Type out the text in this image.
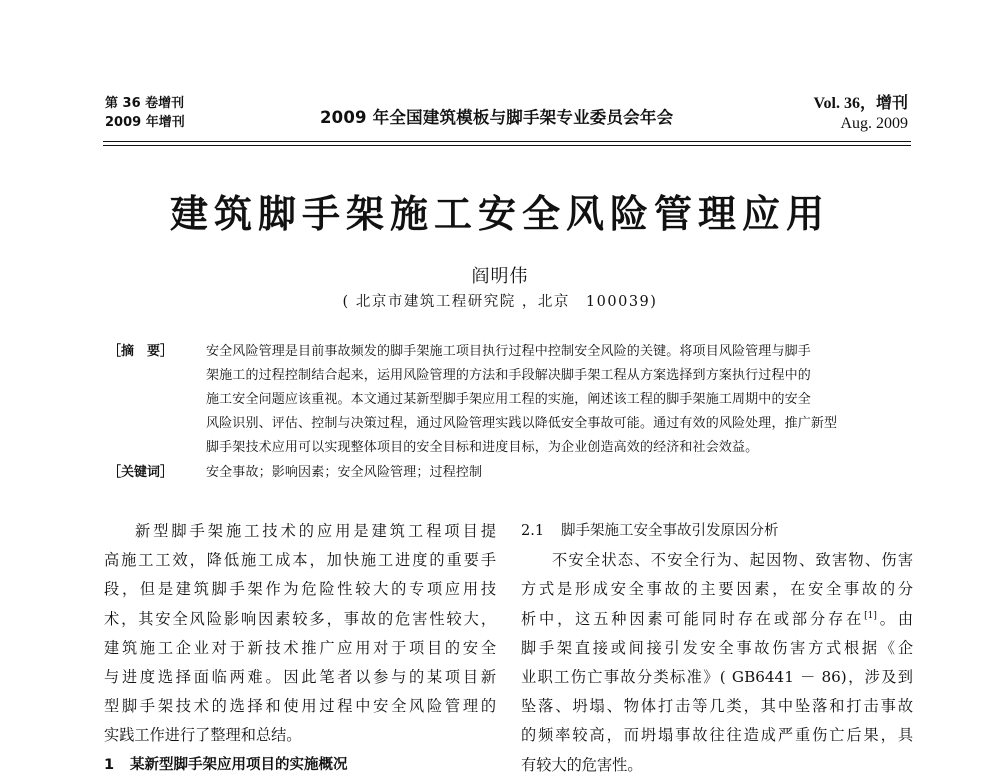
第 36 卷增刊
2009 年增刊	2009 年全国建筑模板与脚手架专业委员会年会
Vol. 36，增刊
Aug. 2009
建筑脚手架施工安全风险管理应用
阎明伟
( 北京市建筑工程研究院 ，北京　100039)
［摘　要］	安全风险管理是目前事故频发的脚手架施工项目执行过程中控制安全风险的关键。将项目风险管理与脚手
架施工的过程控制结合起来，运用风险管理的方法和手段解决脚手架工程从方案选择到方案执行过程中的
施工安全问题应该重视。本文通过某新型脚手架应用工程的实施，阐述该工程的脚手架施工周期中的安全
风险识别、评估、控制与决策过程，通过风险管理实践以降低安全事故可能。通过有效的风险处理，推广新型
脚手架技术应用可以实现整体项目的安全目标和进度目标，为企业创造高效的经济和社会效益。
［关键词］	安全事故；影响因素；安全风险管理；过程控制
新型脚手架施工技术的应用是建筑工程项目提
高施工工效，降低施工成本，加快施工进度的重要手
段，但是建筑脚手架作为危险性较大的专项应用技
术，其安全风险影响因素较多，事故的危害性较大，
建筑施工企业对于新技术推广应用对于项目的安全
与进度选择面临两难。因此笔者以参与的某项目新
型脚手架技术的选择和使用过程中安全风险管理的
实践工作进行了整理和总结。
1 某新型脚手架应用项目的实施概况
2.1 脚手架施工安全事故引发原因分析
不安全状态、不安全行为、起因物、致害物、伤害
方式是形成安全事故的主要因素，在安全事故的分
析中，这五种因素可能同时存在或部分存在[1]。由
脚手架直接或间接引发安全事故伤害方式根据《企
业职工伤亡事故分类标准》( GB6441 － 86)，涉及到
坠落、坍塌、物体打击等几类，其中坠落和打击事故
的频率较高，而坍塌事故往往造成严重伤亡后果，具
有较大的危害性。
